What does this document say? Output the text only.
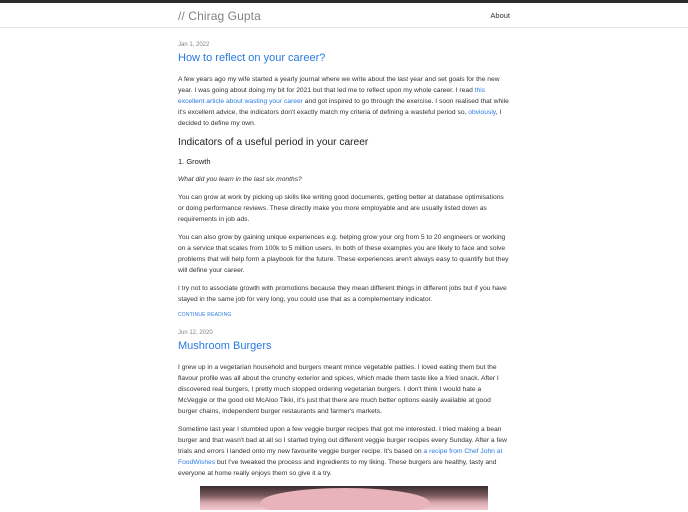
// Chirag Gupta	About
Jan 1, 2022
How to reflect on your career?

A few years ago my wife started a yearly journal where we write about the last year and set goals for the new year. I was going about doing my bit for 2021 but that led me to reflect upon my whole career. I read this excellent article about wasting your career and got inspired to go through the exercise. I soon realised that while it's excellent advice, the indicators don't exactly match my criteria of defining a wasteful period so, obviously, I decided to define my own.

Indicators of a useful period in your career
1. Growth

What did you learn in the last six months?

You can grow at work by picking up skills like writing good documents, getting better at database optimisations or doing performance reviews. These directly make you more employable and are usually listed down as requirements in job ads.

You can also grow by gaining unique experiences e.g. helping grow your org from 5 to 20 engineers or working on a service that scales from 100k to 5 million users. In both of these examples you are likely to face and solve problems that will help form a playbook for the future. These experiences aren't always easy to quantify but they will define your career.

I try not to associate growth with promotions because they mean different things in different jobs but if you have stayed in the same job for very long, you could use that as a complementary indicator.

CONTINUE READING
Jun 12, 2020
Mushroom Burgers

I grew up in a vegetarian household and burgers meant mince vegetable patties. I loved eating them but the flavour profile was all about the crunchy exterior and spices, which made them taste like a fried snack. After I discovered real burgers, I pretty much stopped ordering vegetarian burgers. I don't think I would hate a McVeggie or the good old McAloo Tikki, it's just that there are much better options easily available at good burger chains, independent burger restaurants and farmer's markets.

Sometime last year I stumbled upon a few veggie burger recipes that got me interested. I tried making a bean burger and that wasn't bad at all so I started trying out different veggie burger recipes every Sunday. After a few trials and errors I landed onto my new favourite veggie burger recipe. It's based on a recipe from Chef John at FoodWishes but I've tweaked the process and ingredients to my liking. These burgers are healthy, tasty and everyone at home really enjoys them so give it a try.
